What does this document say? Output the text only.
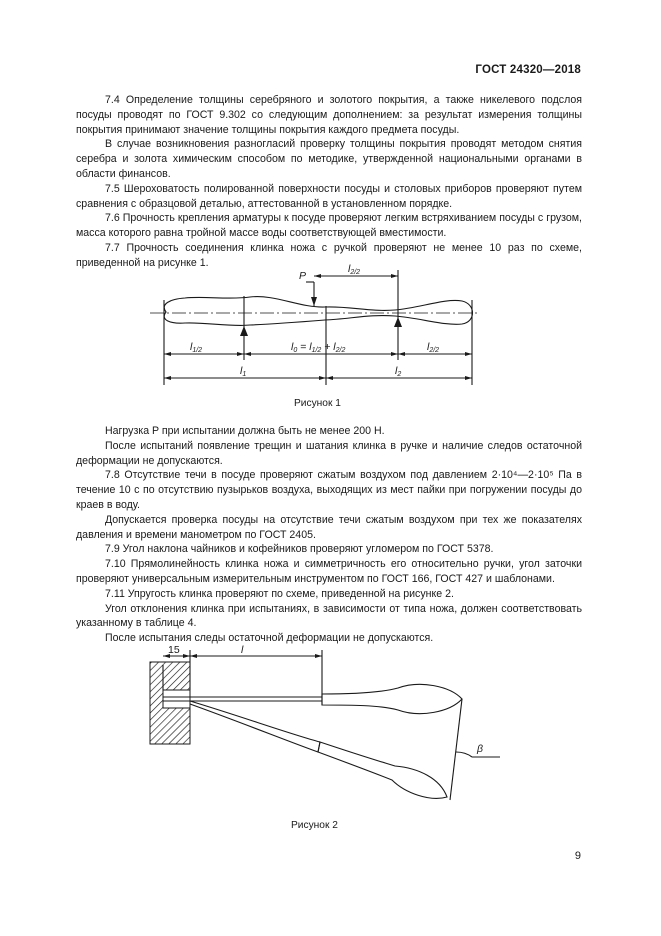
ГОСТ 24320—2018

7.4 Определение толщины серебряного и золотого покрытия, а также никелевого подслоя посуды проводят по ГОСТ 9.302 со следующим дополнением: за результат измерения толщины покрытия принимают значение толщины покрытия каждого предмета посуды.

В случае возникновения разногласий проверку толщины покрытия проводят методом снятия серебра и золота химическим способом по методике, утвержденной национальными органами в области финансов.

7.5 Шероховатость полированной поверхности посуды и столовых приборов проверяют путем сравнения с образцовой деталью, аттестованной в установленном порядке.

7.6 Прочность крепления арматуры к посуде проверяют легким встряхиванием посуды с грузом, масса которого равна тройной массе воды соответствующей вместимости.

7.7 Прочность соединения клинка ножа с ручкой проверяют не менее 10 раз по схеме, приведенной на рисунке 1.

P
l2/2
l1/2	l0 = l1/2 + l2/2	l2/2
l1	l2
Рисунок 1

Нагрузка P при испытании должна быть не менее 200 Н.

После испытаний появление трещин и шатания клинка в ручке и наличие следов остаточной деформации не допускаются.

7.8 Отсутствие течи в посуде проверяют сжатым воздухом под давлением 2·10⁴—2·10⁵ Па в течение 10 с по отсутствию пузырьков воздуха, выходящих из мест пайки при погружении посуды до краев в воду.

Допускается проверка посуды на отсутствие течи сжатым воздухом при тех же показателях давления и времени манометром по ГОСТ 2405.

7.9 Угол наклона чайников и кофейников проверяют угломером по ГОСТ 5378.

7.10 Прямолинейность клинка ножа и симметричность его относительно ручки, угол заточки проверяют универсальным измерительным инструментом по ГОСТ 166, ГОСТ 427 и шаблонами.

7.11 Упругость клинка проверяют по схеме, приведенной на рисунке 2.

Угол отклонения клинка при испытаниях, в зависимости от типа ножа, должен соответствовать указанному в таблице 4.

После испытания следы остаточной деформации не допускаются.

15	l
β
Рисунок 2
9
